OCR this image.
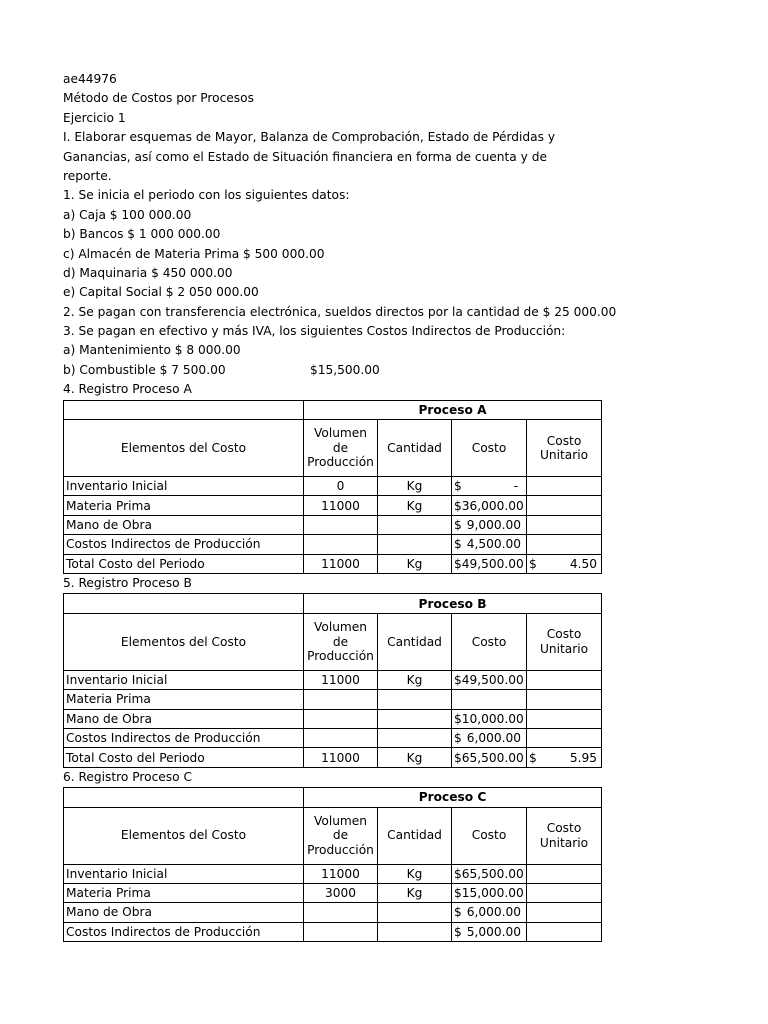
ae44976
Método de Costos por Procesos
Ejercicio 1
I. Elaborar esquemas de Mayor, Balanza de Comprobación, Estado de Pérdidas y
Ganancias, así como el Estado de Situación financiera en forma de cuenta y de
reporte.
1. Se inicia el periodo con los siguientes datos:
a) Caja $ 100 000.00
b) Bancos $ 1 000 000.00
c) Almacén de Materia Prima $ 500 000.00
d) Maquinaria $ 450 000.00
e) Capital Social $ 2 050 000.00
2. Se pagan con transferencia electrónica, sueldos directos por la cantidad de $ 25 000.00
3. Se pagan en efectivo y más IVA, los siguientes Costos Indirectos de Producción:
a) Mantenimiento $ 8 000.00
b) Combustible $ 7 500.00	$15,500.00
4. Registro Proceso A
	Proceso A			
Elementos del Costo	Volumen de Producción	Cantidad	Costo	Costo Unitario
Inventario Inicial	0	Kg	$ -	

Materia Prima	11000	Kg	$36,000.00	

Mano de Obra			$ 9,000.00	

Costos Indirectos de Producción			$ 4,500.00	

Total Costo del Periodo	11000	Kg	$49,500.00	$ 4.50
5. Registro Proceso B
	Proceso B			
Elementos del Costo	Volumen de Producción	Cantidad	Costo	Costo Unitario
Inventario Inicial	11000	Kg	$49,500.00	

Materia Prima				

Mano de Obra			$10,000.00	

Costos Indirectos de Producción			$ 6,000.00	

Total Costo del Periodo	11000	Kg	$65,500.00	$ 5.95
6. Registro Proceso C
	Proceso C			
Elementos del Costo	Volumen de Producción	Cantidad	Costo	Costo Unitario
Inventario Inicial	11000	Kg	$65,500.00	

Materia Prima	3000	Kg	$15,000.00	

Mano de Obra			$ 6,000.00	

Costos Indirectos de Producción			$ 5,000.00	
